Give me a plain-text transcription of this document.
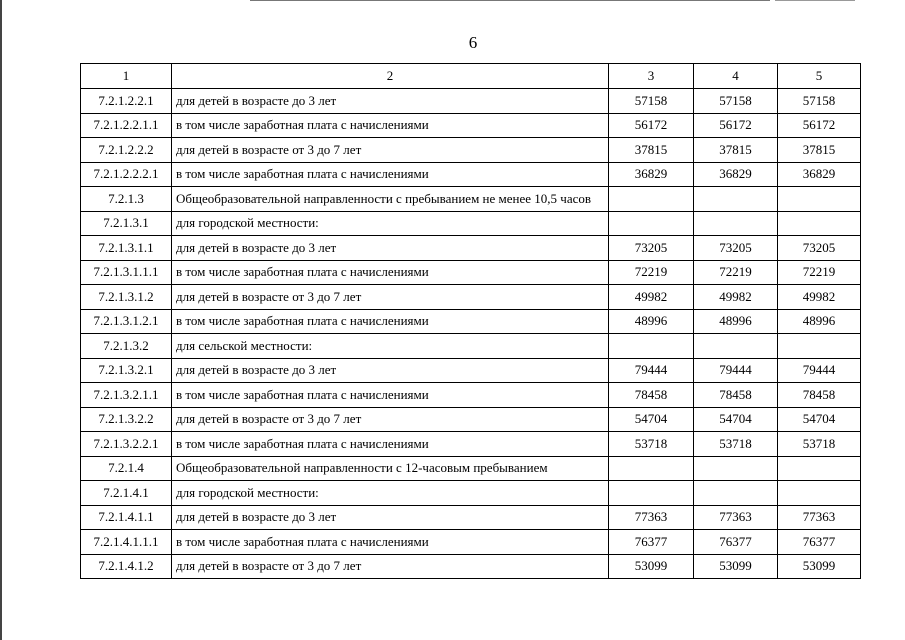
6
1	2	3	4	5
7.2.1.2.2.1	для детей в возрасте до 3 лет	57158	57158	57158
7.2.1.2.2.1.1	в том числе заработная плата с начислениями	56172	56172	56172
7.2.1.2.2.2	для детей в возрасте от 3 до 7 лет	37815	37815	37815
7.2.1.2.2.2.1	в том числе заработная плата с начислениями	36829	36829	36829
7.2.1.3	Общеобразовательной направленности с пребыванием не менее 10,5 часов			
7.2.1.3.1	для городской местности:			
7.2.1.3.1.1	для детей в возрасте до 3 лет	73205	73205	73205
7.2.1.3.1.1.1	в том числе заработная плата с начислениями	72219	72219	72219
7.2.1.3.1.2	для детей в возрасте от 3 до 7 лет	49982	49982	49982
7.2.1.3.1.2.1	в том числе заработная плата с начислениями	48996	48996	48996
7.2.1.3.2	для сельской местности:			
7.2.1.3.2.1	для детей в возрасте до 3 лет	79444	79444	79444
7.2.1.3.2.1.1	в том числе заработная плата с начислениями	78458	78458	78458
7.2.1.3.2.2	для детей в возрасте от 3 до 7 лет	54704	54704	54704
7.2.1.3.2.2.1	в том числе заработная плата с начислениями	53718	53718	53718
7.2.1.4	Общеобразовательной направленности с 12-часовым пребыванием			
7.2.1.4.1	для городской местности:			
7.2.1.4.1.1	для детей в возрасте до 3 лет	77363	77363	77363
7.2.1.4.1.1.1	в том числе заработная плата с начислениями	76377	76377	76377
7.2.1.4.1.2	для детей в возрасте от 3 до 7 лет	53099	53099	53099
